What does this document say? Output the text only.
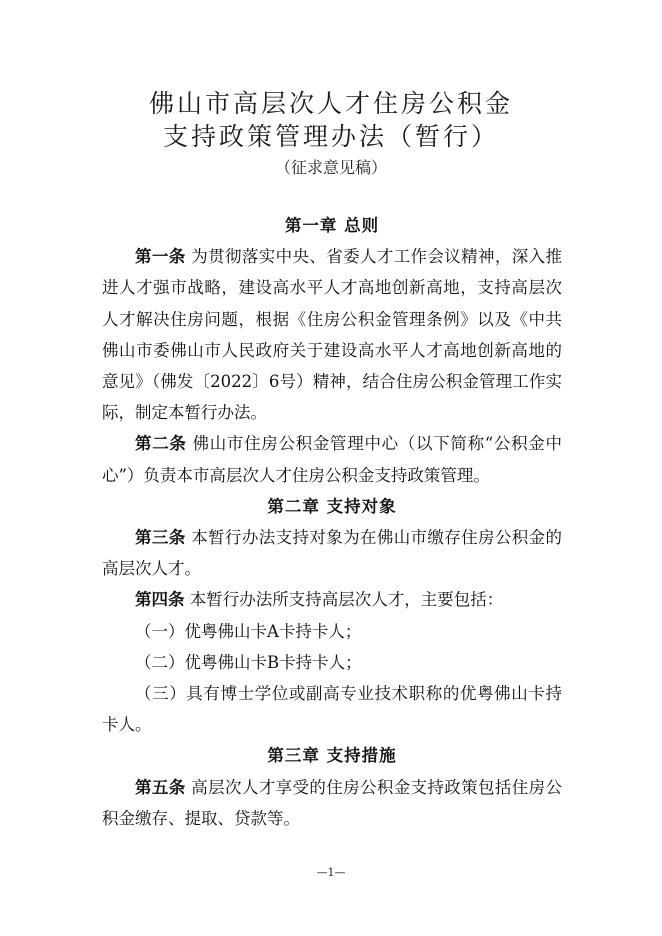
佛山市高层次人才住房公积金
支持政策管理办法（暂行）
（征求意见稿）
第一章 总则

第一条 为贯彻落实中央、省委人才工作会议精神，深入推进人才强市战略，建设高水平人才高地创新高地，支持高层次人才解决住房问题，根据《住房公积金管理条例》以及《中共佛山市委佛山市人民政府关于建设高水平人才高地创新高地的意见》（佛发〔2022〕6号）精神，结合住房公积金管理工作实际，制定本暂行办法。

第二条 佛山市住房公积金管理中心（以下简称“公积金中心”）负责本市高层次人才住房公积金支持政策管理。

第二章 支持对象

第三条 本暂行办法支持对象为在佛山市缴存住房公积金的高层次人才。

第四条 本暂行办法所支持高层次人才，主要包括：

（一）优粤佛山卡A卡持卡人；

（二）优粤佛山卡B卡持卡人；

（三）具有博士学位或副高专业技术职称的优粤佛山卡持卡人。

第三章 支持措施

第五条 高层次人才享受的住房公积金支持政策包括住房公积金缴存、提取、贷款等。

—1—
